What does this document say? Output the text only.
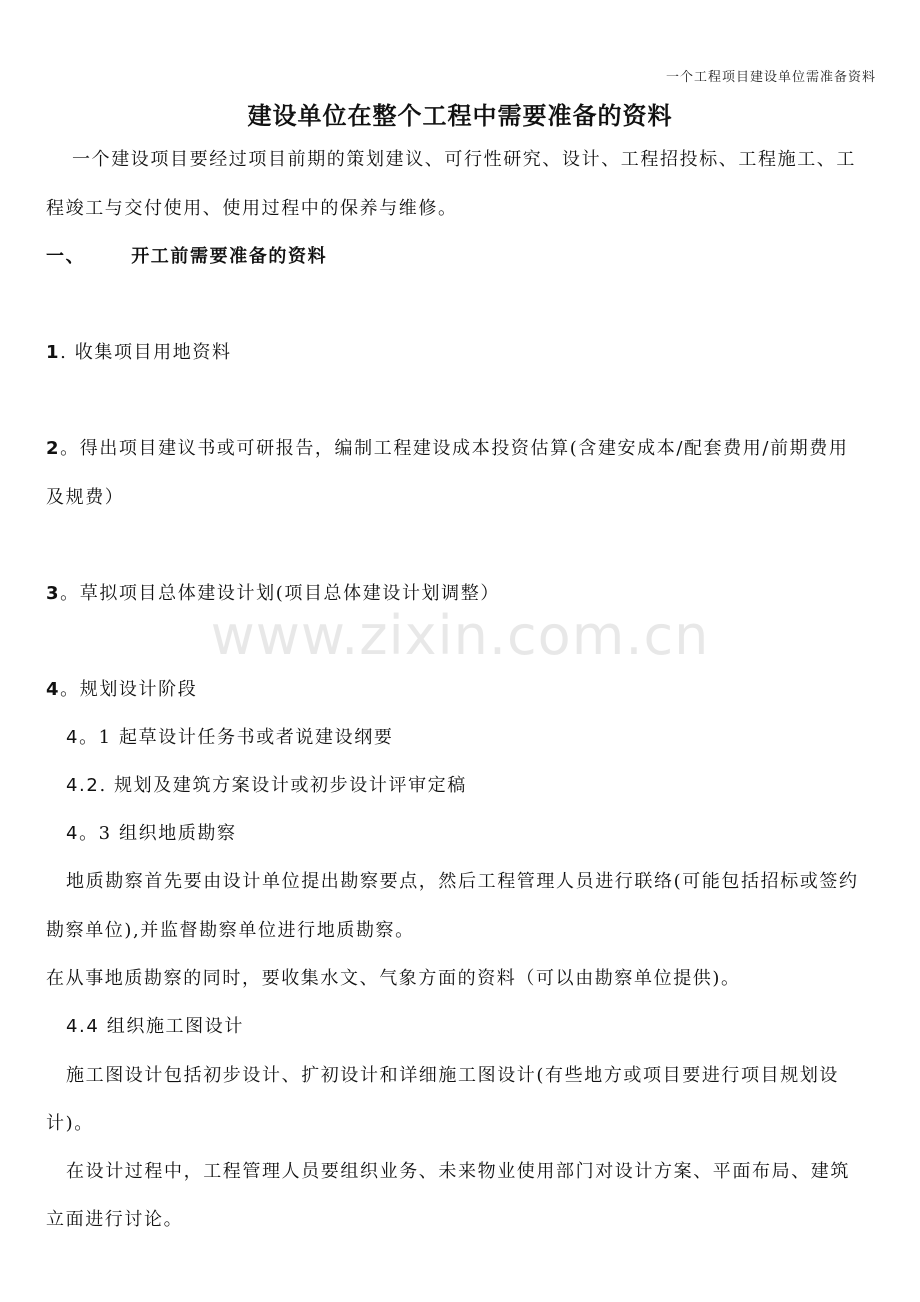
一个工程项目建设单位需准备资料
建设单位在整个工程中需要准备的资料
一个建设项目要经过项目前期的策划建议、可行性研究、设计、工程招投标、工程施工、工
程竣工与交付使用、使用过程中的保养与维修。
一、	开工前需要准备的资料
1. 收集项目用地资料
2。得出项目建议书或可研报告，编制工程建设成本投资估算(含建安成本/配套费用/前期费用
及规费）
3。草拟项目总体建设计划(项目总体建设计划调整）
4。规划设计阶段
4。1 起草设计任务书或者说建设纲要
4.2. 规划及建筑方案设计或初步设计评审定稿
4。3 组织地质勘察
地质勘察首先要由设计单位提出勘察要点，然后工程管理人员进行联络(可能包括招标或签约
勘察单位),并监督勘察单位进行地质勘察。
在从事地质勘察的同时，要收集水文、气象方面的资料（可以由勘察单位提供)。
4.4 组织施工图设计
施工图设计包括初步设计、扩初设计和详细施工图设计(有些地方或项目要进行项目规划设
计)。
在设计过程中，工程管理人员要组织业务、未来物业使用部门对设计方案、平面布局、建筑
立面进行讨论。
www.zixin.com.cn
